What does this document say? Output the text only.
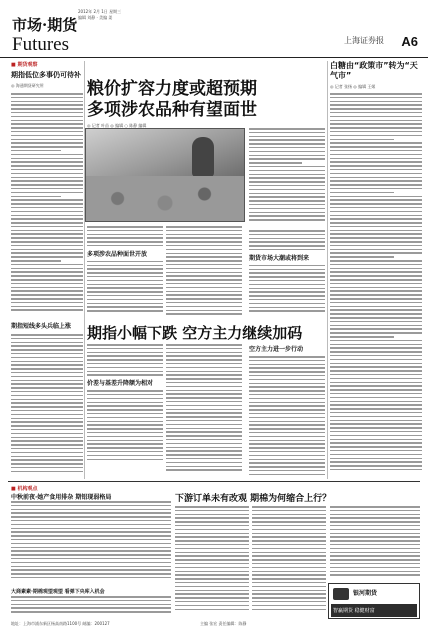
市场·期货
Futures
2012年 2月 1日 星期三
编辑 刘静 · 美编 姜
上海证券报 A6
■ 期货观察
期指低位多事仍可待补
◎ 海通期货研究所	粮价扩容力度或超预期
多项涉农品种有望面世
◎ 记者 叶苗 ◎ 编辑 ○ 陈静 编辑
多项涉农品种面世开放
期货市场大潮或将到来
白糖由“政策市”转为“天气市”
◎ 记者 张扬 ◎ 编辑 王姬
期指短线多头兵临上涨	期指小幅下跌 空方主力继续加码
价差与基差升降额为相对
空方主力进一步行动
■ 机构观点
中秋前夜·她产食用排杂 期铝现弱格局
大商素素·期棉观望观望 看弹下央库入机会
下游订单未有改观 期棉为何缩合上行？
银河期货
智赢期货 稳健财富
地址：上海市浦东新区杨高南路1100号 邮编：200127	主编 张宏 责任编辑：陈静
